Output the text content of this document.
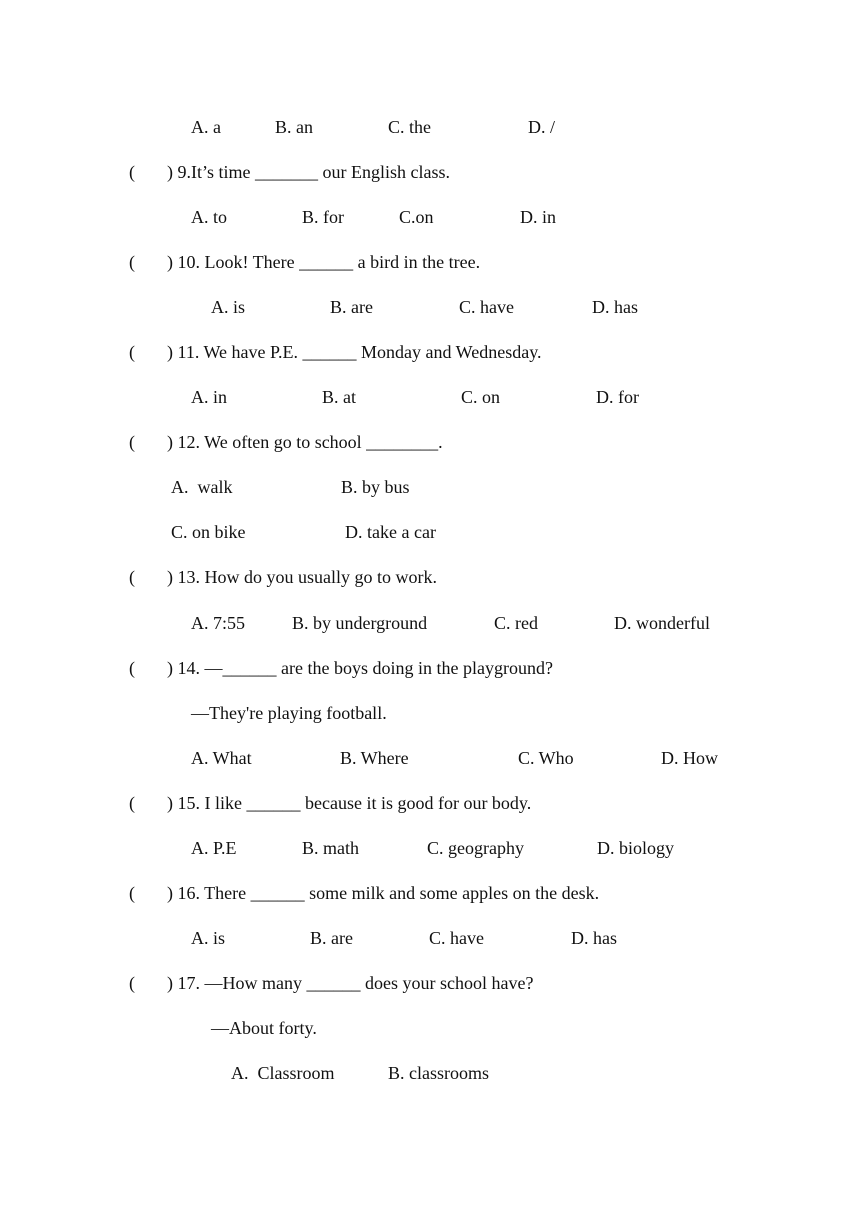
A. a	B. an	C. the	D. /
( ) 9.It’s time _______ our English class.
A. to	B. for	C.on	D. in
( ) 10. Look! There ______ a bird in the tree.
A. is	B. are	C. have	D. has
( ) 11. We have P.E. ______ Monday and Wednesday.
A. in	B. at	C. on	D. for
( ) 12. We often go to school ________.
A.  walk	B. by bus
C. on bike	D. take a car
( ) 13. How do you usually go to work.
A. 7:55	B. by underground	C. red	D. wonderful
( ) 14. —______ are the boys doing in the playground?
—They're playing football.
A. What	B. Where	C. Who	D. How
( ) 15. I like ______ because it is good for our body.
A. P.E	B. math	C. geography	D. biology
( ) 16. There ______ some milk and some apples on the desk.
A. is	B. are	C. have	D. has
( ) 17. —How many ______ does your school have?
—About forty.
A.  Classroom	B. classrooms
